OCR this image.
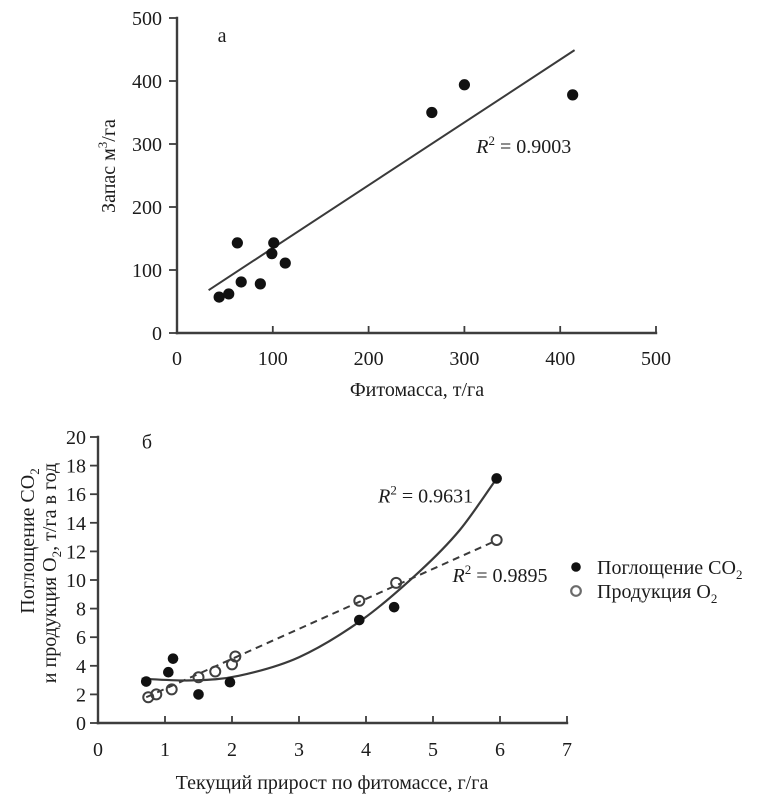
0	100	200	300	400	500
0
100
200
300
400
500
Фитомасса, т/га
Запас $м^3/га$
а
$R^2 = 0.9003$
0	1	2	3	4	5	6	7
0
2
4
6
8
10
12
14
16
18
20
Текущий прирост по фитомассе, г/га
Поглощение $CO_2$
и продукция $O_2$, т/га в год
б
$R^2 = 0.9631$
$R^2 = 0.9895$ Поглощение $CO_2$
Продукция $O_2$
